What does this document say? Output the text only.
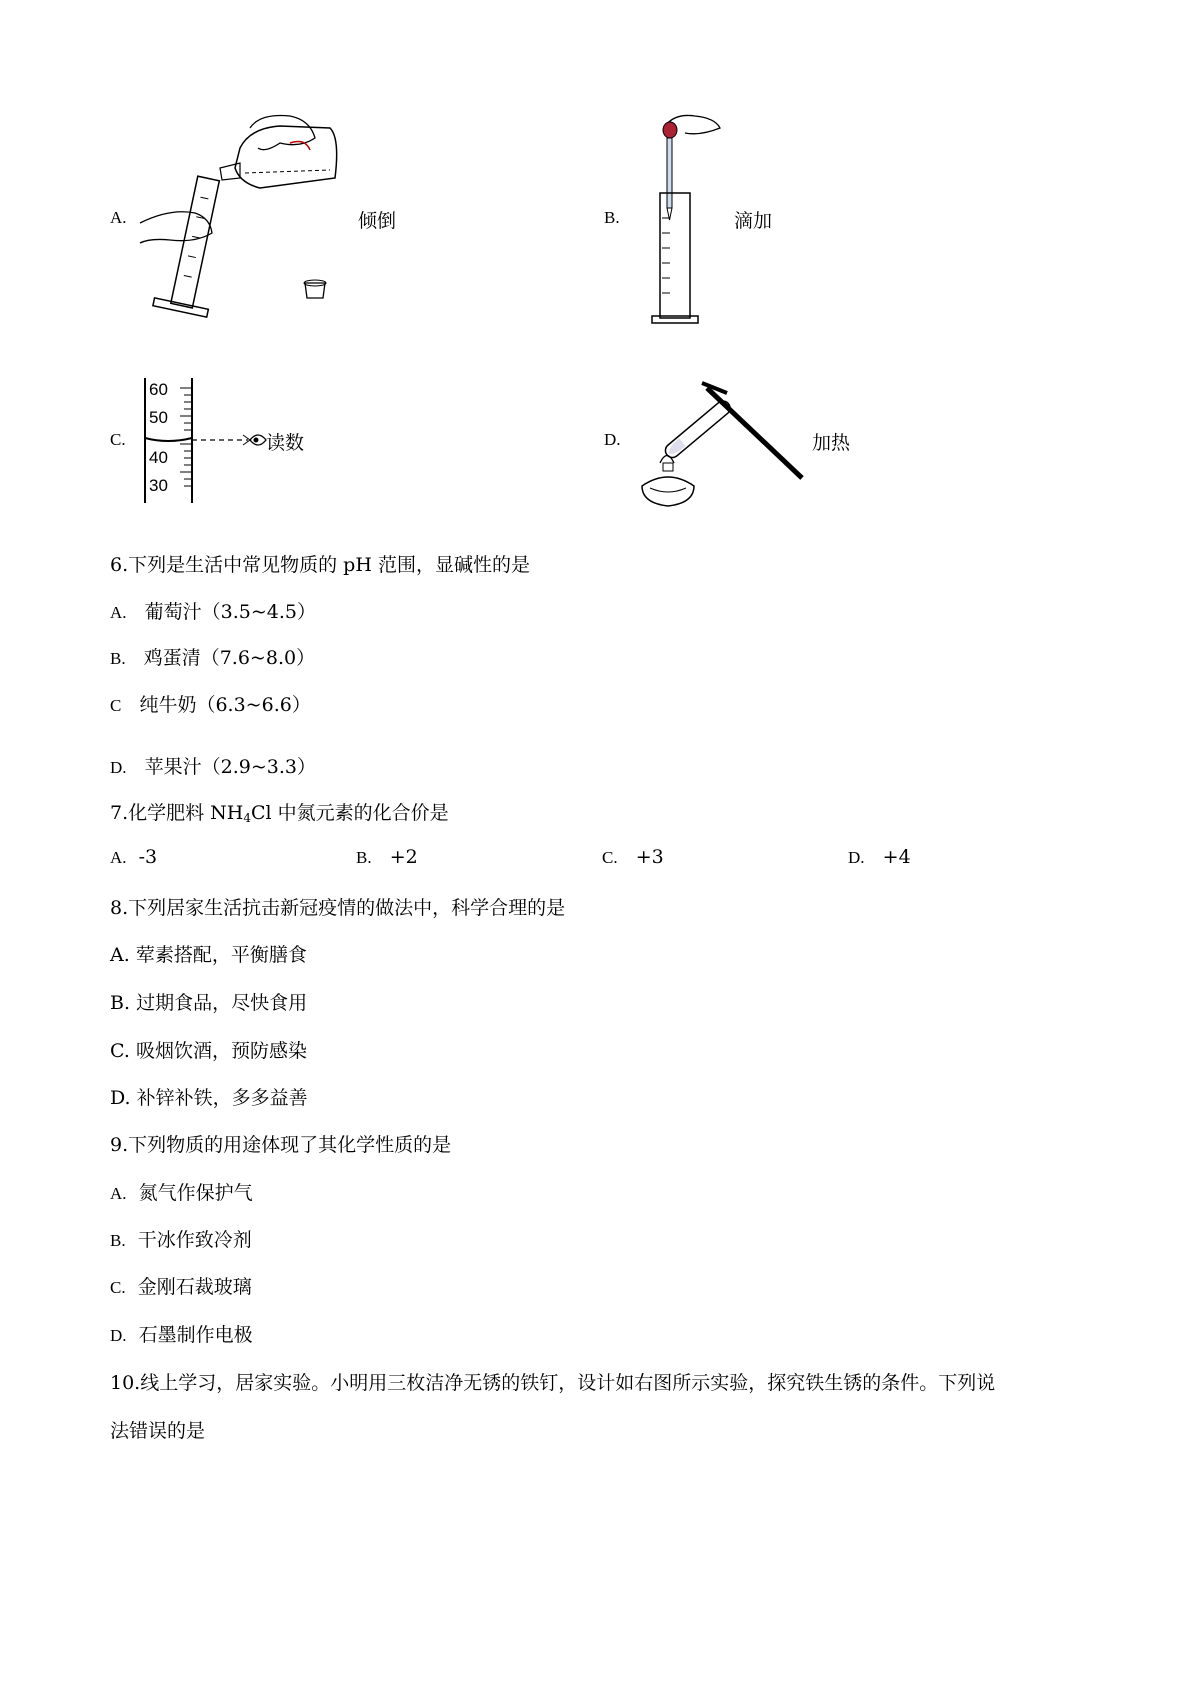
A.	倾倒	B.	滴加
C.
60
50
40
30
读数	D.	加热
6.下列是生活中常见物质的 pH 范围，显碱性的是
A. 葡萄汁（3.5~4.5）
B. 鸡蛋清（7.6~8.0）
C 纯牛奶（6.3~6.6）
D. 苹果汁（2.9~3.3）
7.化学肥料 $NH_4Cl$ 中氮元素的化合价是
A. -3	B. +2	C. +3	D. +4
8.下列居家生活抗击新冠疫情的做法中，科学合理的是
A. 荤素搭配，平衡膳食
B. 过期食品，尽快食用
C. 吸烟饮酒，预防感染
D. 补锌补铁，多多益善
9.下列物质的用途体现了其化学性质的是
A. 氮气作保护气
B. 干冰作致冷剂
C. 金刚石裁玻璃
D. 石墨制作电极
10.线上学习，居家实验。小明用三枚洁净无锈的铁钉，设计如右图所示实验，探究铁生锈的条件。下列说
法错误的是
